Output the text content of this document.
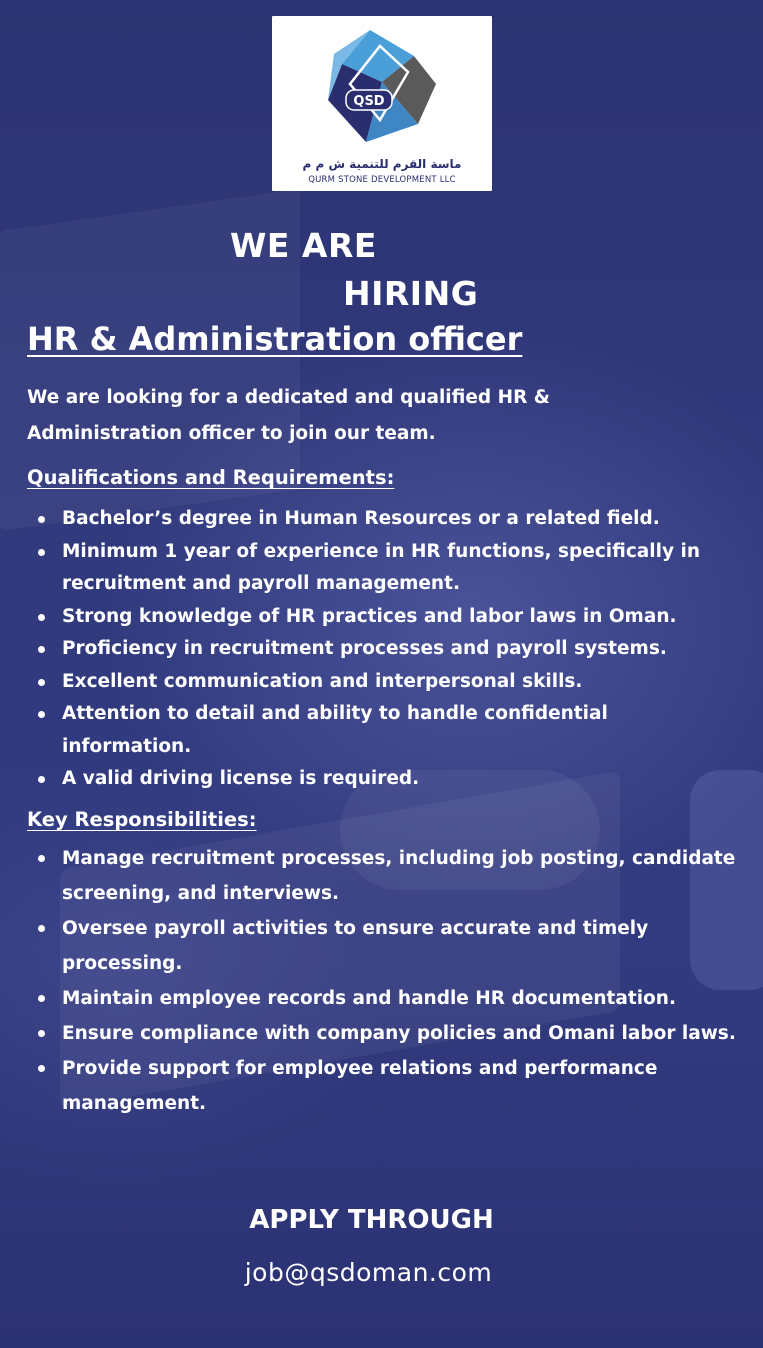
QSD
ماسة القرم للتنمية ش م م
QURM STONE DEVELOPMENT LLC
WE ARE
HIRING
HR & Administration officer
We are looking for a dedicated and qualified HR & Administration officer to join our team.
Qualifications and Requirements:
Bachelor’s degree in Human Resources or a related field.
Minimum 1 year of experience in HR functions, specifically in recruitment and payroll management.
Strong knowledge of HR practices and labor laws in Oman.
Proficiency in recruitment processes and payroll systems.
Excellent communication and interpersonal skills.
Attention to detail and ability to handle confidential information.
A valid driving license is required.
Key Responsibilities:
Manage recruitment processes, including job posting, candidate screening, and interviews.
Oversee payroll activities to ensure accurate and timely processing.
Maintain employee records and handle HR documentation.
Ensure compliance with company policies and Omani labor laws.
Provide support for employee relations and performance management.
APPLY THROUGH
job@qsdoman.com
